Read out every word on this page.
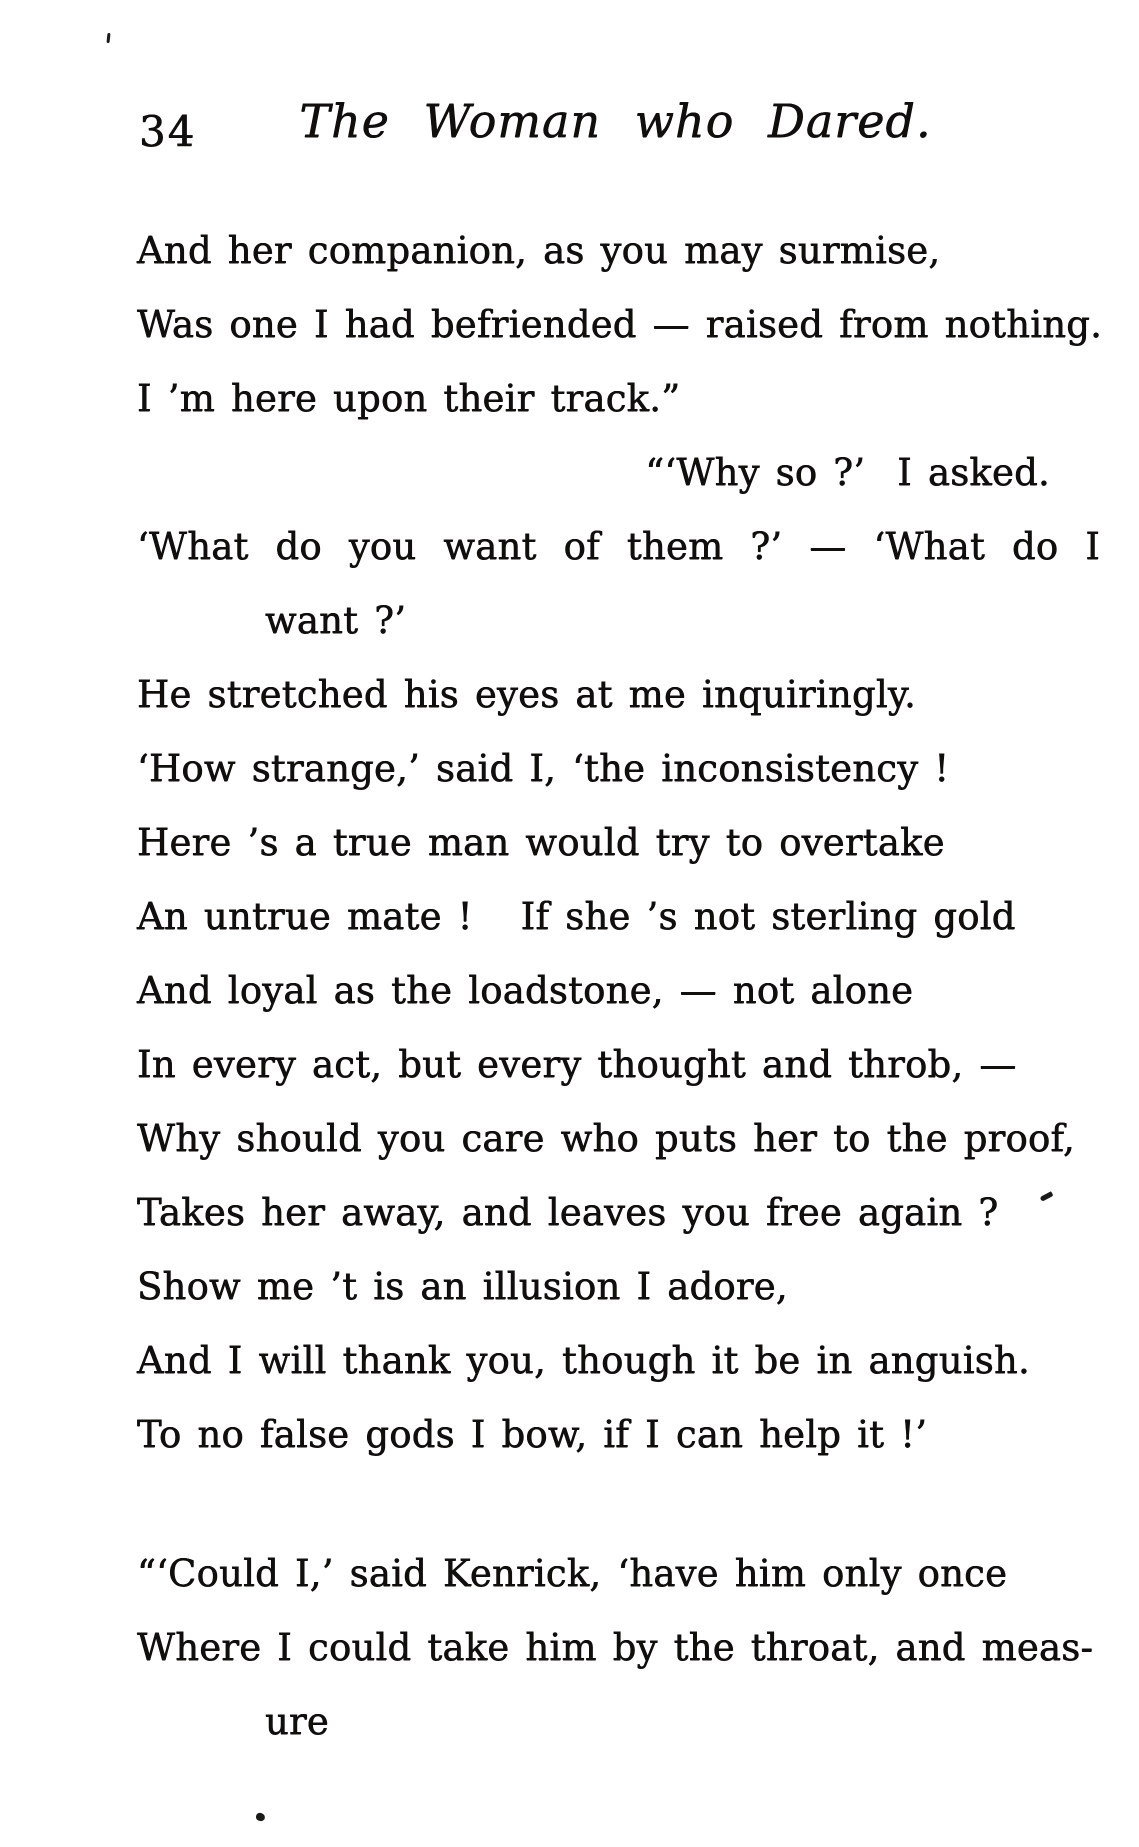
34	The Woman who Dared.
And her companion, as you may surmise,
Was one I had befriended — raised from nothing.
I ’m here upon their track.”
“‘Why so ?’  I asked.
‘What do you want of them ?’ — ‘What do I
want ?’
He stretched his eyes at me inquiringly.
‘How strange,’ said I, ‘the inconsistency !
Here ’s a true man would try to overtake
An untrue mate !   If she ’s not sterling gold
And loyal as the loadstone, — not alone
In every act, but every thought and throb, —
Why should you care who puts her to the proof,
Takes her away, and leaves you free again ?
Show me ’t is an illusion I adore,
And I will thank you, though it be in anguish.
To no false gods I bow, if I can help it !’
“‘Could I,’ said Kenrick, ‘have him only once
Where I could take him by the throat, and meas-
ure
